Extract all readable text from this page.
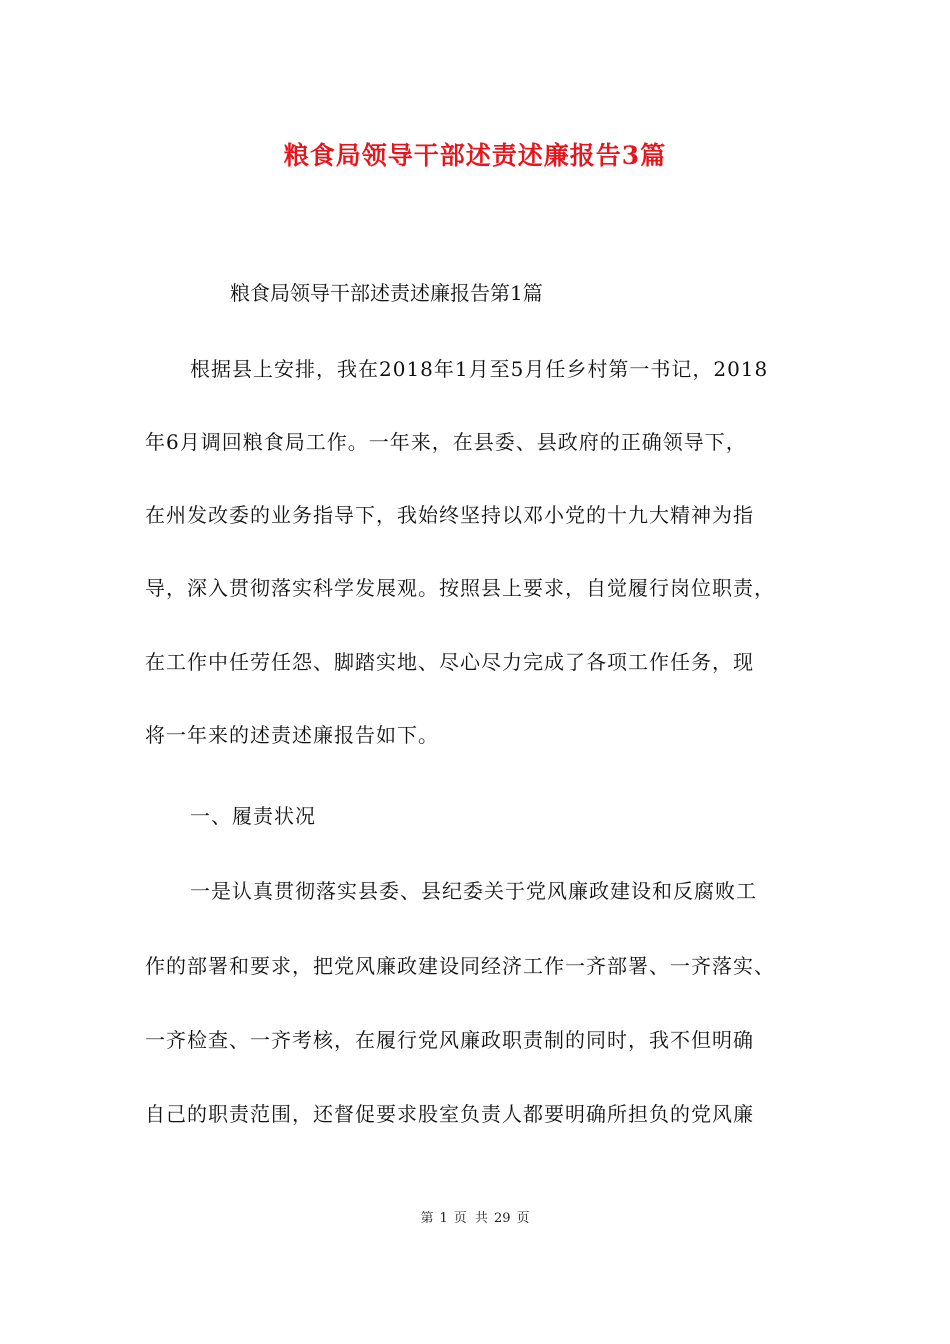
粮食局领导干部述责述廉报告3篇
粮食局领导干部述责述廉报告第1篇
根据县上安排，我在2018年1月至5月任乡村第一书记，2018
年6月调回粮食局工作。一年来，在县委、县政府的正确领导下，
在州发改委的业务指导下，我始终坚持以邓小党的十九大精神为指
导，深入贯彻落实科学发展观。按照县上要求，自觉履行岗位职责，
在工作中任劳任怨、脚踏实地、尽心尽力完成了各项工作任务，现
将一年来的述责述廉报告如下。
一、履责状况
一是认真贯彻落实县委、县纪委关于党风廉政建设和反腐败工
作的部署和要求，把党风廉政建设同经济工作一齐部署、一齐落实、
一齐检查、一齐考核，在履行党风廉政职责制的同时，我不但明确
自己的职责范围，还督促要求股室负责人都要明确所担负的党风廉
第 1 页 共 29 页
